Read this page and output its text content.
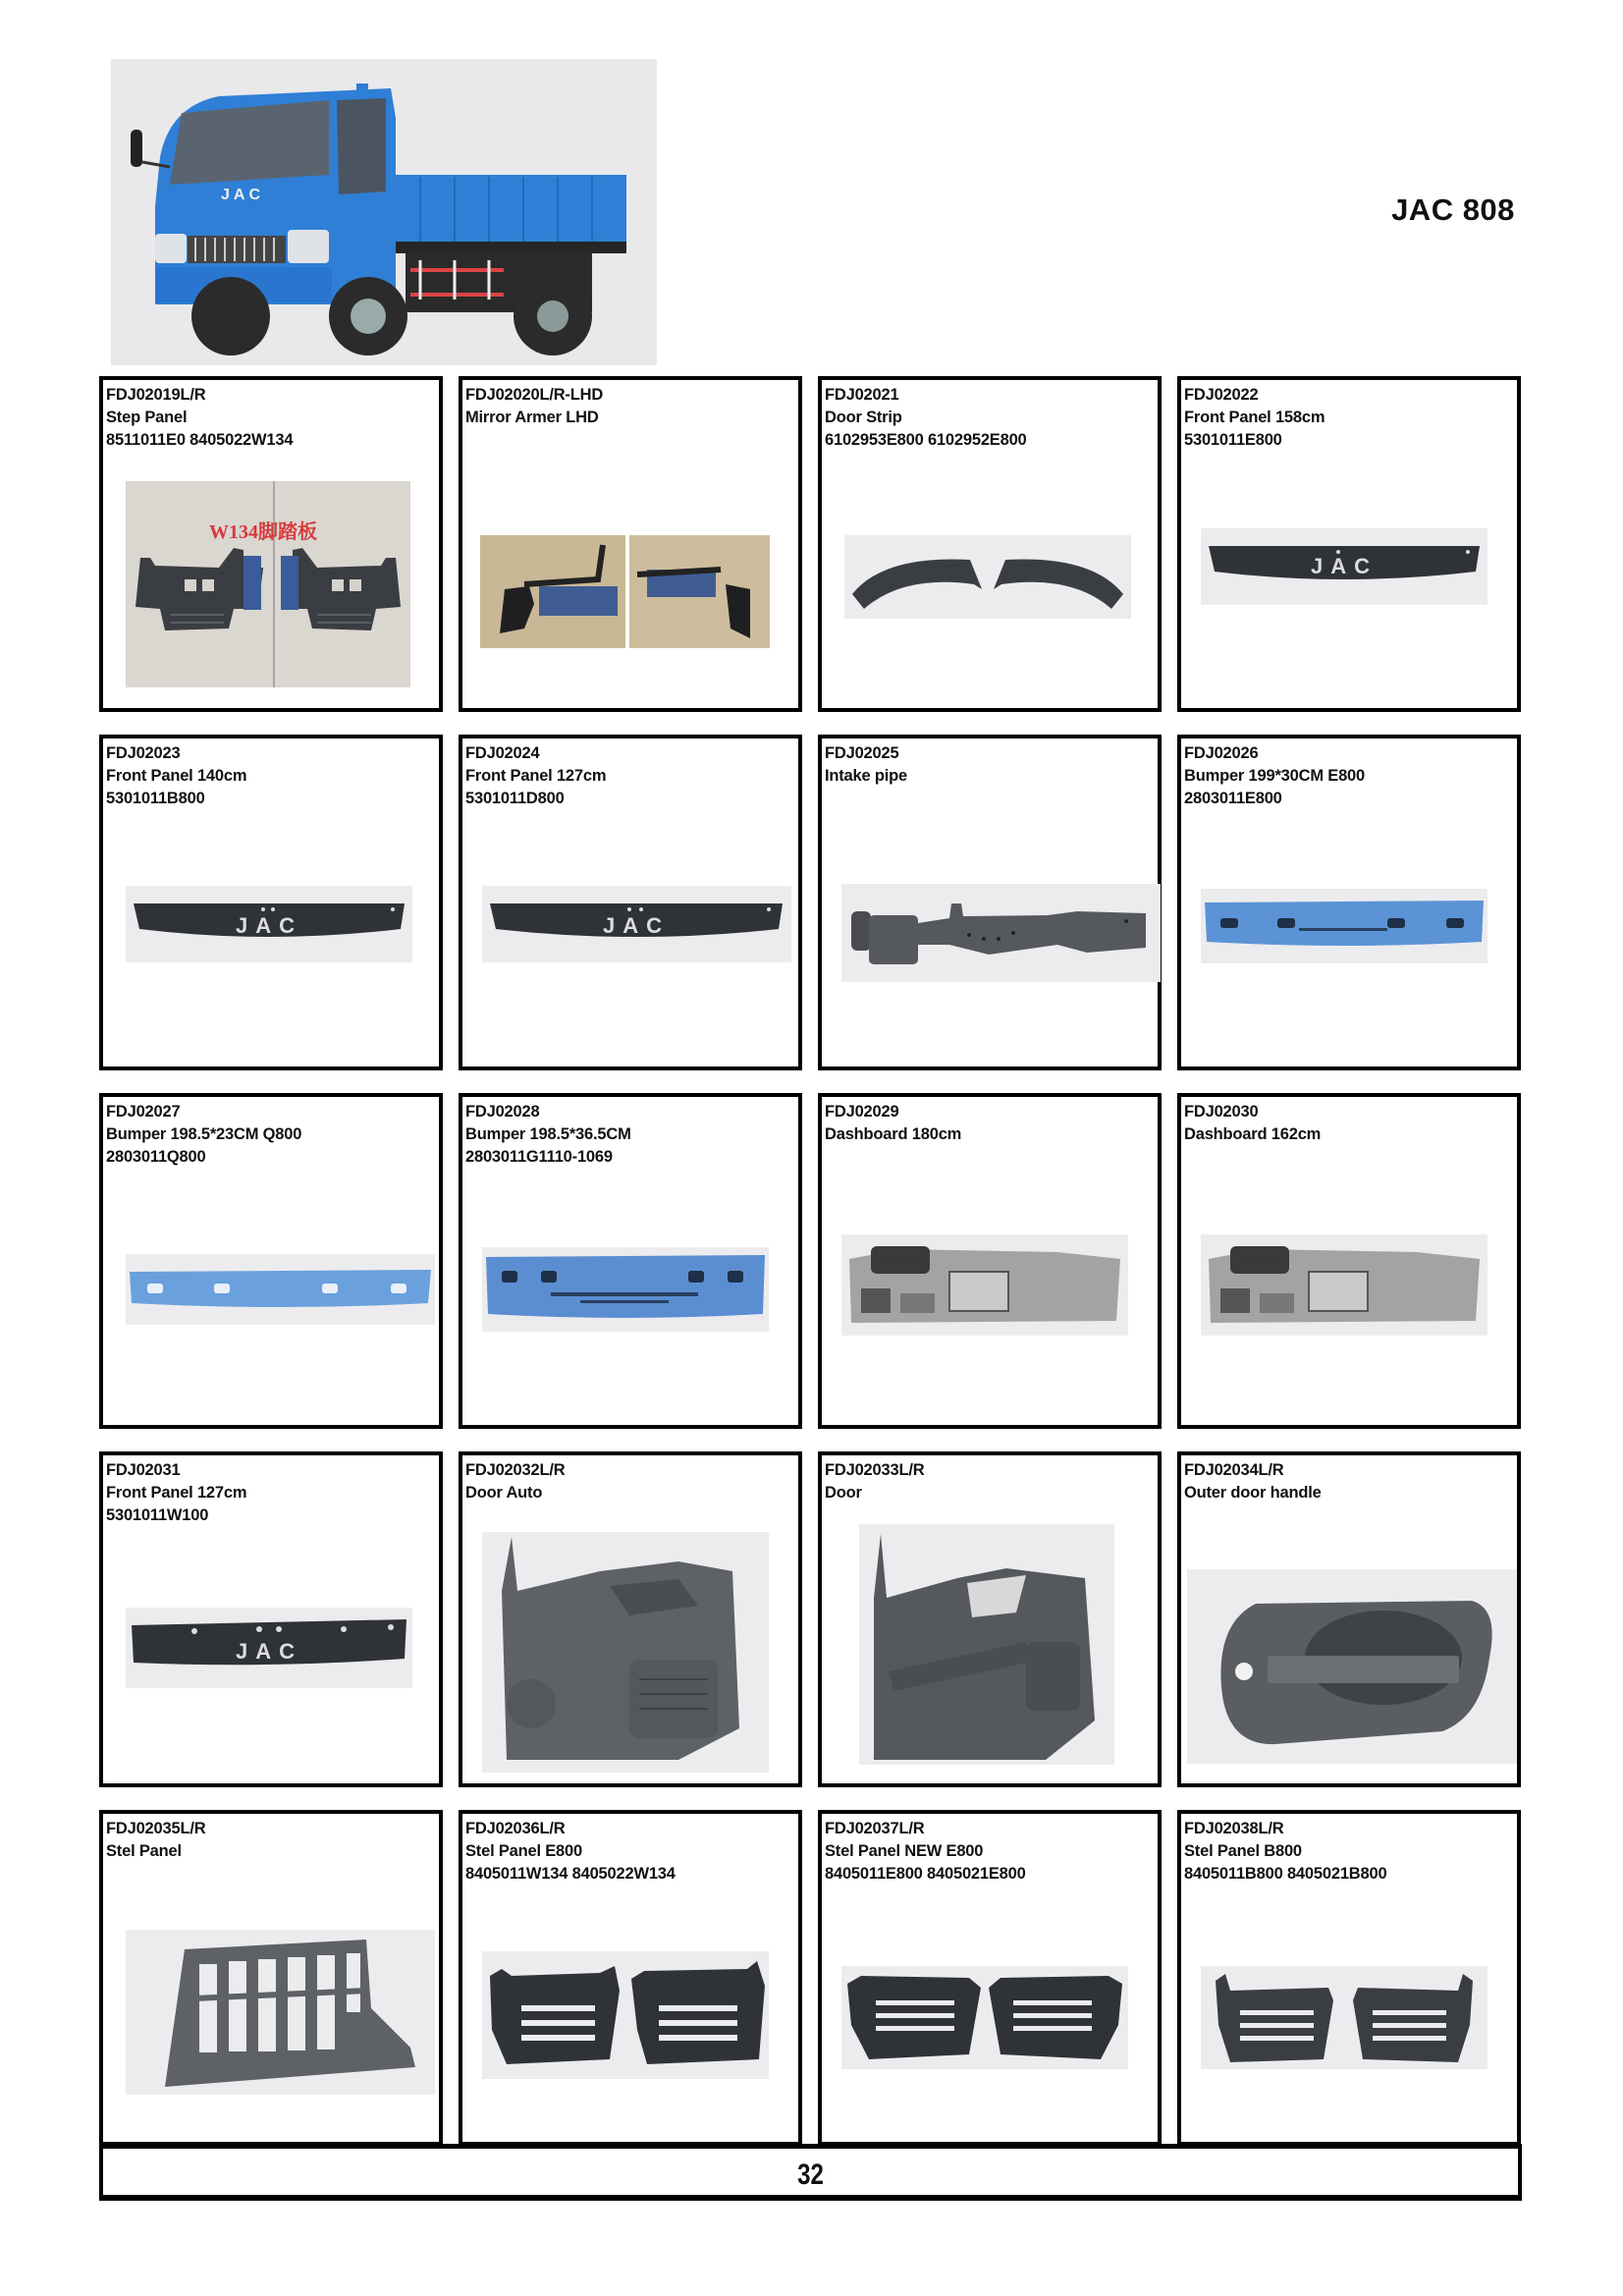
JAC	JAC 808
FDJ02019L/R
Step Panel
8511011E0 8405022W134
W134脚踏板
FDJ02020L/R-LHD
Mirror Armer LHD
FDJ02021
Door Strip
6102953E800 6102952E800
FDJ02022
Front Panel 158cm
5301011E800
JAC
FDJ02023
Front Panel 140cm
5301011B800
JAC
FDJ02024
Front Panel 127cm
5301011D800
JAC
FDJ02025
Intake pipe
FDJ02026
Bumper 199*30CM E800
2803011E800
FDJ02027
Bumper 198.5*23CM Q800
2803011Q800
FDJ02028
Bumper 198.5*36.5CM
2803011G1110-1069
FDJ02029
Dashboard 180cm
FDJ02030
Dashboard 162cm
FDJ02031
Front Panel 127cm
5301011W100
JAC
FDJ02032L/R
Door Auto
FDJ02033L/R
Door
FDJ02034L/R
Outer door handle
FDJ02035L/R
Stel Panel
FDJ02036L/R
Stel Panel E800
8405011W134 8405022W134
FDJ02037L/R
Stel Panel NEW E800
8405011E800 8405021E800
FDJ02038L/R
Stel Panel B800
8405011B800 8405021B800
32
